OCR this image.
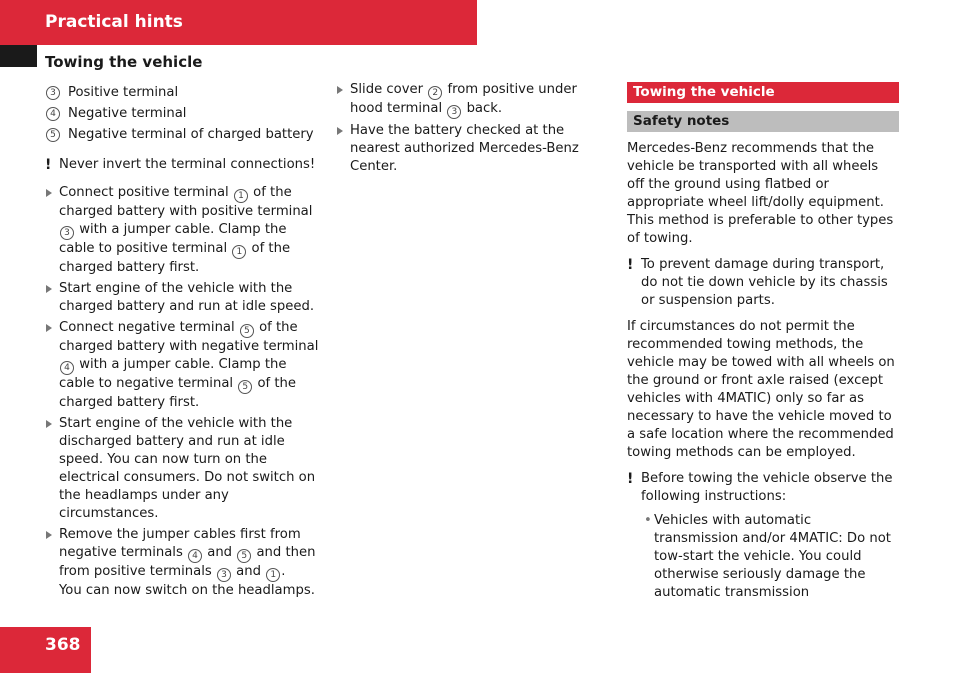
Practical hints
Towing the vehicle
3 Positive terminal
4 Negative terminal
5 Negative terminal of charged battery
! Never invert the terminal connections!
Connect positive terminal 1 of the charged battery with positive terminal 3 with a jumper cable. Clamp the cable to positive terminal 1 of the charged battery first.
Start engine of the vehicle with the charged battery and run at idle speed.
Connect negative terminal 5 of the charged battery with negative terminal 4 with a jumper cable. Clamp the cable to negative terminal 5 of the charged battery first.
Start engine of the vehicle with the discharged battery and run at idle speed. You can now turn on the electrical consumers. Do not switch on the headlamps under any circumstances.
Remove the jumper cables first from negative terminals 4 and 5 and then from positive terminals 3 and 1 .
You can now switch on the headlamps.
Slide cover 2 from positive under hood terminal 3 back.
Have the battery checked at the nearest authorized Mercedes-Benz Center.
Towing the vehicle
Safety notes

Mercedes-Benz recommends that the vehicle be transported with all wheels off the ground using flatbed or appropriate wheel lift/dolly equipment. This method is preferable to other types of towing.

! To prevent damage during transport, do not tie down vehicle by its chassis or suspension parts.

If circumstances do not permit the recommended towing methods, the vehicle may be towed with all wheels on the ground or front axle raised (except vehicles with 4MATIC) only so far as necessary to have the vehicle moved to a safe location where the recommended towing methods can be employed.

! Before towing the vehicle observe the following instructions:
• Vehicles with automatic transmission and/or 4MATIC: Do not tow-start the vehicle. You could otherwise seriously damage the automatic transmission
368
